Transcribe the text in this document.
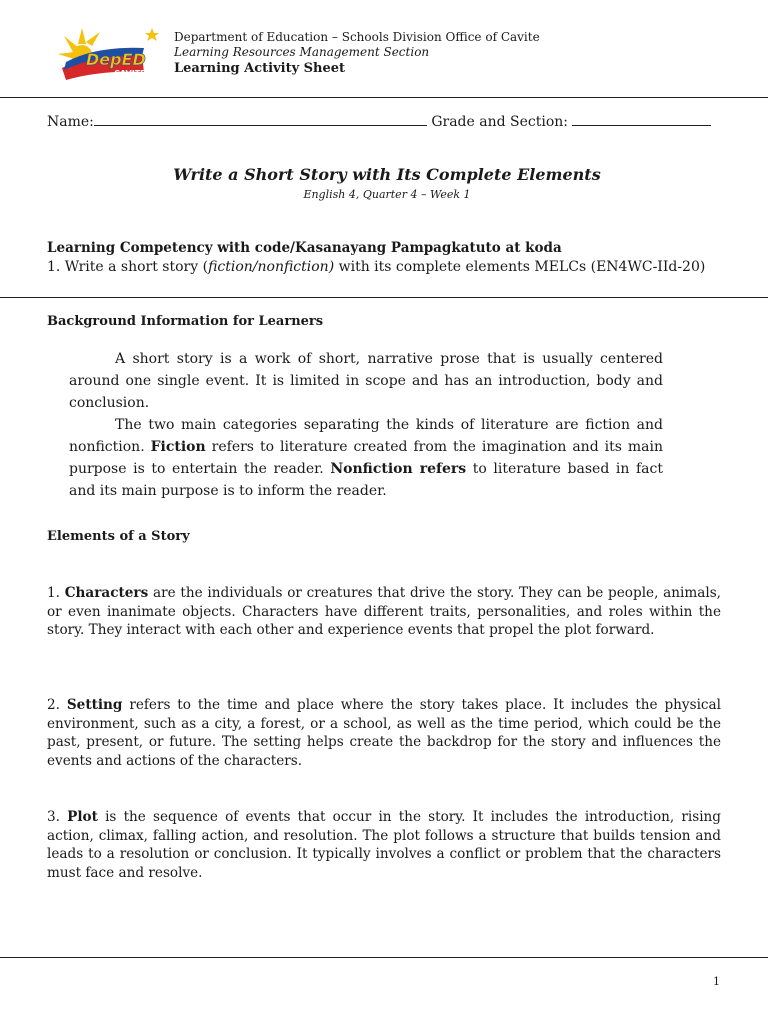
DepED
CAVITE
Department of Education – Schools Division Office of Cavite
Learning Resources Management Section
Learning Activity Sheet
Name:	Grade and Section:
Write a Short Story with Its Complete Elements
English 4, Quarter 4 – Week 1
Learning Competency with code/Kasanayang Pampagkatuto at koda
1. Write a short story (fiction/nonfiction) with its complete elements MELCs (EN4WC-IId-20)
Background Information for Learners

A short story is a work of short, narrative prose that is usually centered around one single event. It is limited in scope and has an introduction, body and conclusion.

The two main categories separating the kinds of literature are fiction and nonfiction. Fiction refers to literature created from the imagination and its main purpose is to entertain the reader. Nonfiction refers to literature based in fact and its main purpose is to inform the reader.

Elements of a Story

1. Characters are the individuals or creatures that drive the story. They can be people, animals, or even inanimate objects. Characters have different traits, personalities, and roles within the story. They interact with each other and experience events that propel the plot forward.

2. Setting refers to the time and place where the story takes place. It includes the physical environment, such as a city, a forest, or a school, as well as the time period, which could be the past, present, or future. The setting helps create the backdrop for the story and influences the events and actions of the characters.

3. Plot is the sequence of events that occur in the story. It includes the introduction, rising action, climax, falling action, and resolution. The plot follows a structure that builds tension and leads to a resolution or conclusion. It typically involves a conflict or problem that the characters must face and resolve.

1
